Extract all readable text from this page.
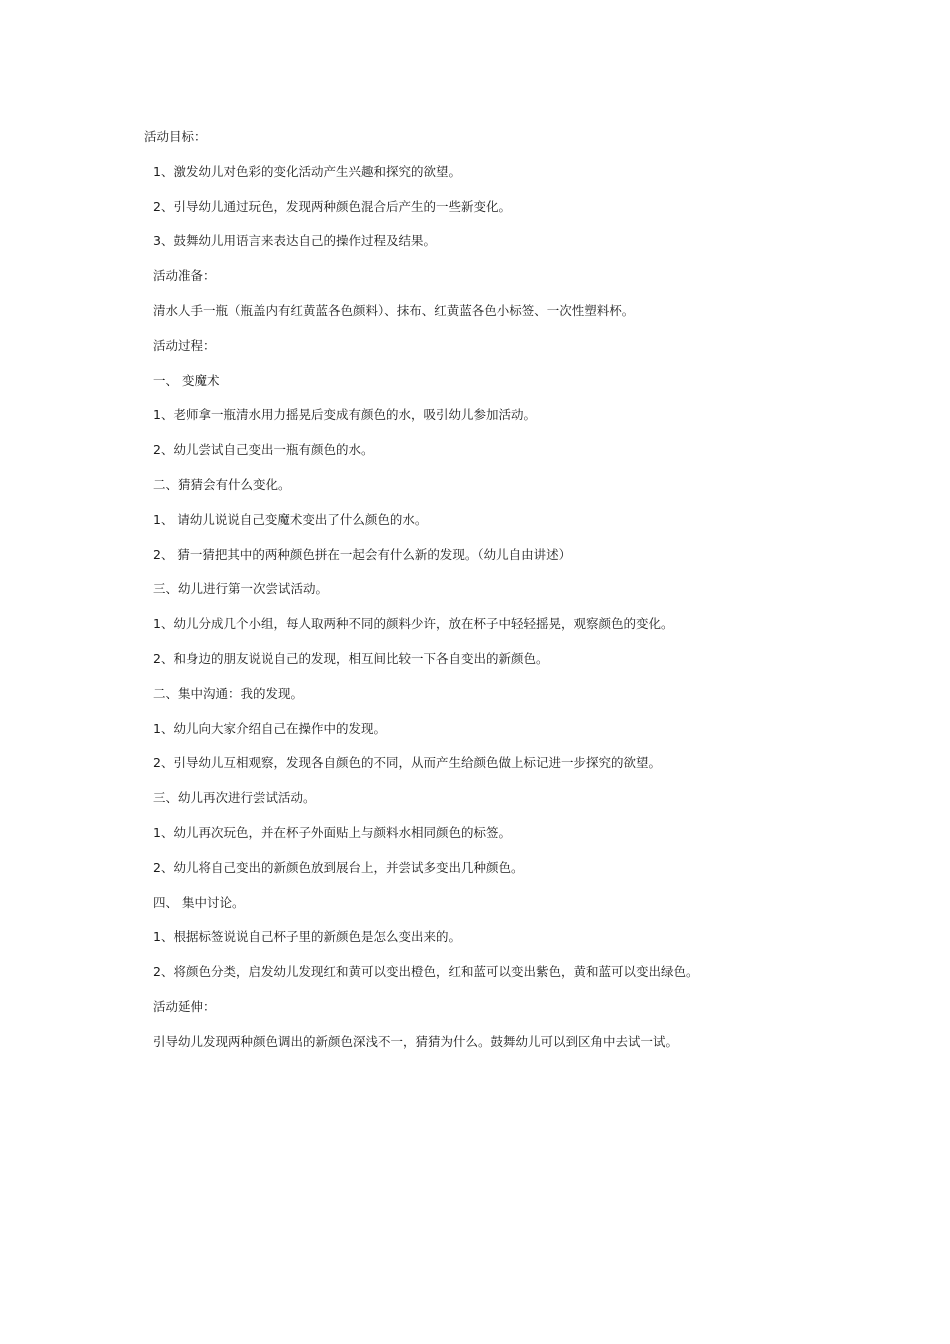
活动目标：
1、激发幼儿对色彩的变化活动产生兴趣和探究的欲望。
2、引导幼儿通过玩色，发现两种颜色混合后产生的一些新变化。
3、鼓舞幼儿用语言来表达自己的操作过程及结果。
活动准备：
清水人手一瓶（瓶盖内有红黄蓝各色颜料）、抹布、红黄蓝各色小标签、一次性塑料杯。
活动过程：
一、 变魔术
1、老师拿一瓶清水用力摇晃后变成有颜色的水，吸引幼儿参加活动。
2、幼儿尝试自己变出一瓶有颜色的水。
二、猜猜会有什么变化。
1、 请幼儿说说自己变魔术变出了什么颜色的水。
2、 猜一猜把其中的两种颜色拼在一起会有什么新的发现。（幼儿自由讲述）
三、幼儿进行第一次尝试活动。
1、幼儿分成几个小组，每人取两种不同的颜料少许，放在杯子中轻轻摇晃，观察颜色的变化。
2、和身边的朋友说说自己的发现，相互间比较一下各自变出的新颜色。
二、集中沟通：我的发现。
1、幼儿向大家介绍自己在操作中的发现。
2、引导幼儿互相观察，发现各自颜色的不同，从而产生给颜色做上标记进一步探究的欲望。
三、幼儿再次进行尝试活动。
1、幼儿再次玩色，并在杯子外面贴上与颜料水相同颜色的标签。
2、幼儿将自己变出的新颜色放到展台上，并尝试多变出几种颜色。
四、 集中讨论。
1、根据标签说说自己杯子里的新颜色是怎么变出来的。
2、将颜色分类，启发幼儿发现红和黄可以变出橙色，红和蓝可以变出紫色，黄和蓝可以变出绿色。
活动延伸：
引导幼儿发现两种颜色调出的新颜色深浅不一，猜猜为什么。鼓舞幼儿可以到区角中去试一试。
